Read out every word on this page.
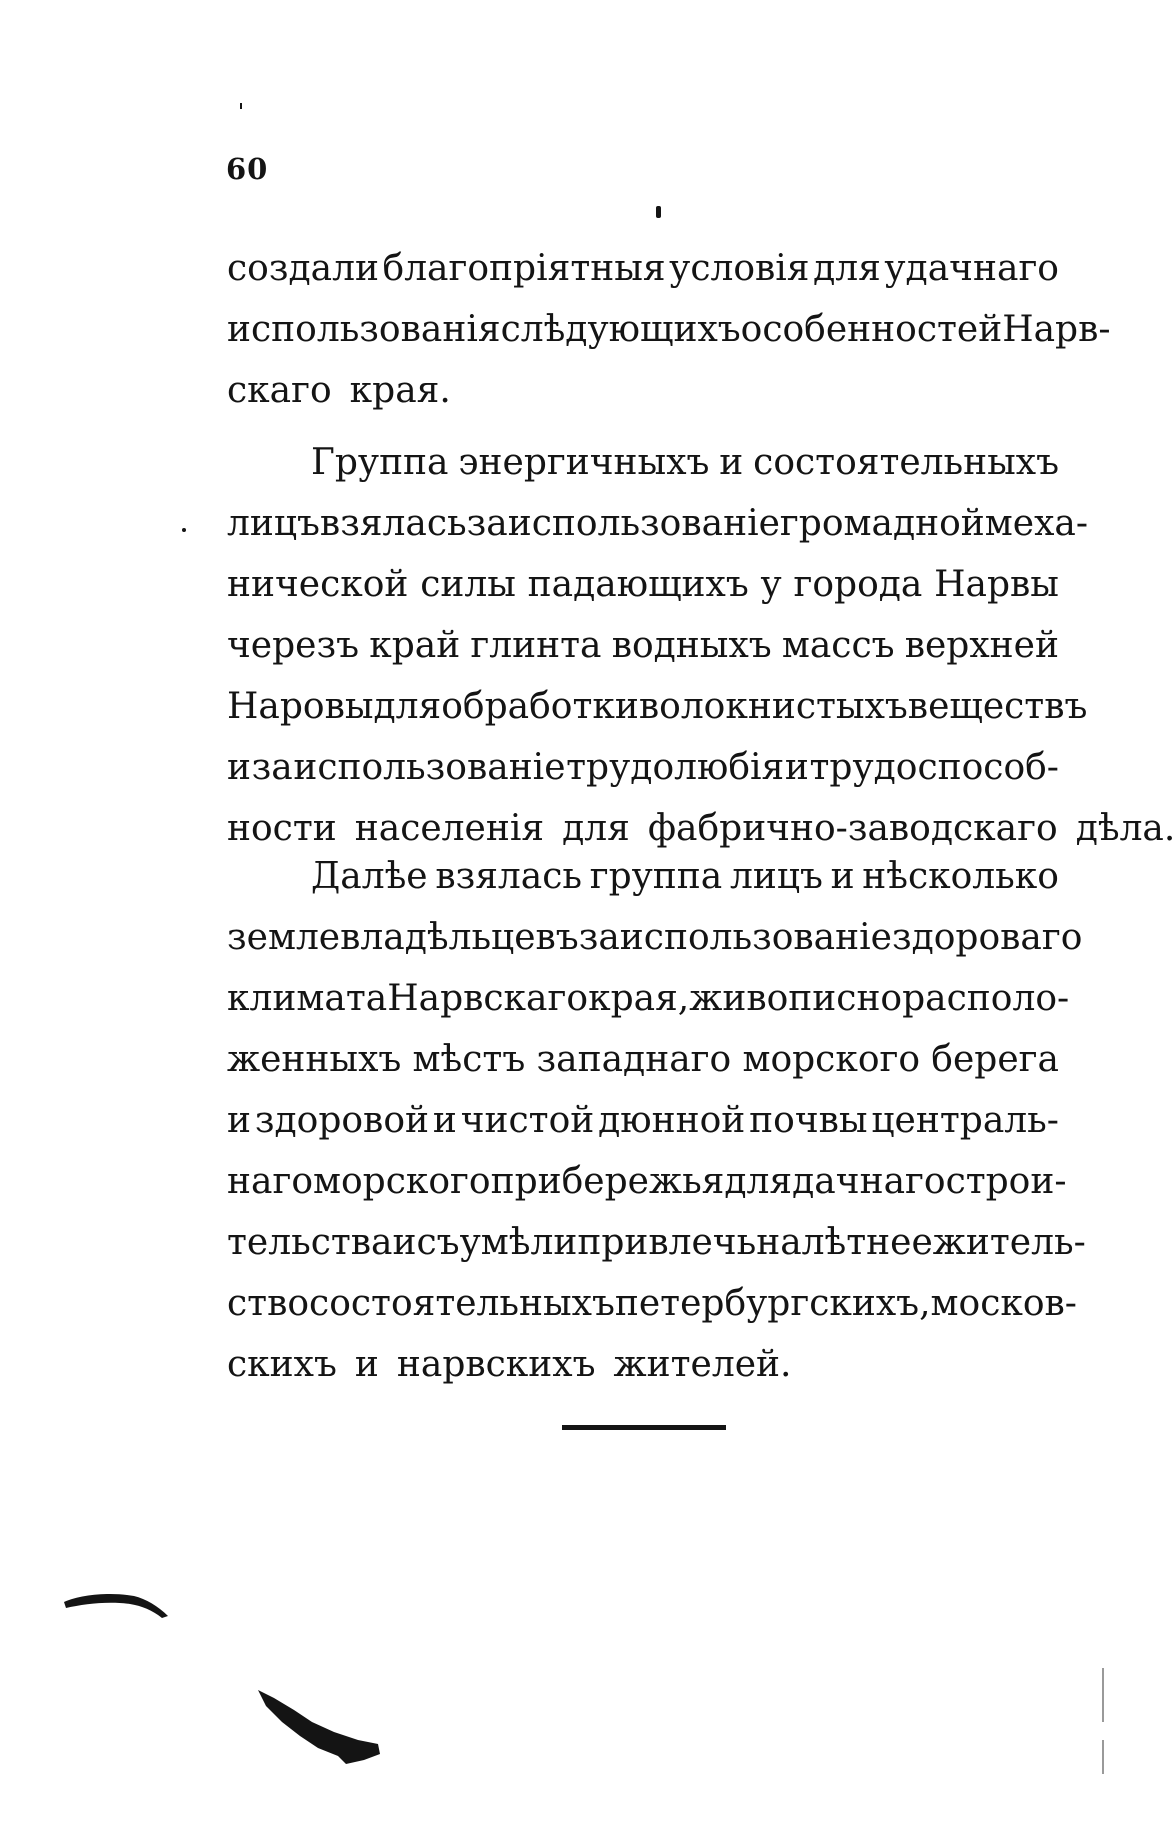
60
создали благопріятныя условія для удачнаго
использованія слѣдующихъ особенностей Нарв-
скаго края.
Группа энергичныхъ и состоятельныхъ
лицъ взялась за использованіе громадной меха-
нической силы падающихъ у города Нарвы
черезъ край глинта водныхъ массъ верхней
Наровы для обработки волокнистыхъ веществъ
и за использованіе трудолюбія и трудоспособ-
ности населенія для фабрично-заводскаго дѣла.
Далѣе взялась группа лицъ и нѣсколько
землевладѣльцевъ за использованіе здороваго
климата Нарвскаго края, живописно располо-
женныхъ мѣстъ западнаго морского берега
и здоровой и чистой дюнной почвы централь-
наго морского прибережья для дачнаго строи-
тельства и съумѣли привлечь на лѣтнее житель-
ство состоятельныхъ петербургскихъ, москов-
скихъ и нарвскихъ жителей.
